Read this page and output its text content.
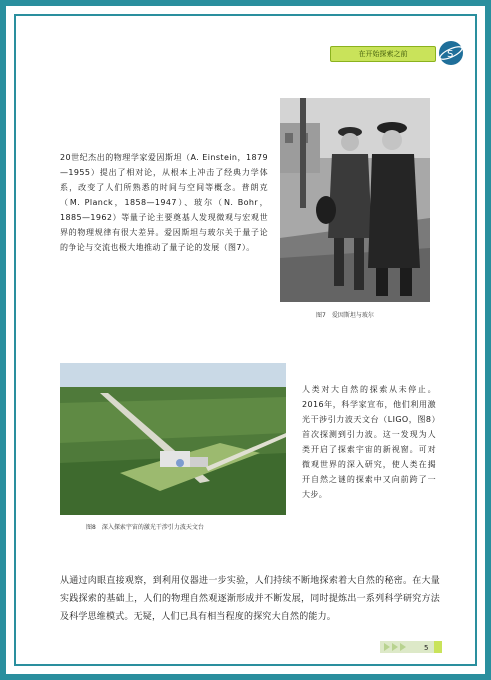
在开始探索之前	S
20世纪杰出的物理学家爱因斯坦（A. Einstein，1879—1955）提出了相对论，从根本上冲击了经典力学体系，改变了人们所熟悉的时间与空间等概念。普朗克（M. Planck，1858—1947）、玻尔（N. Bohr，1885—1962）等量子论主要奠基人发现微观与宏观世界的物理规律有很大差异。爱因斯坦与玻尔关于量子论的争论与交流也极大地推动了量子论的发展（图7）。
图7　爱因斯坦与玻尔
图8　深入探索宇宙的激光干涉引力波天文台
人类对大自然的探索从未停止。2016年，科学家宣布，他们利用激光干涉引力波天文台（LIGO，图8）首次探测到引力波。这一发现为人类开启了探索宇宙的新视窗。可对微观世界的深入研究，使人类在揭开自然之谜的探索中又向前跨了一大步。
从通过肉眼直接观察，到利用仪器进一步实验，人们持续不断地探索着大自然的秘密。在大量实践探索的基础上，人们的物理自然观逐渐形成并不断发展，同时提炼出一系列科学研究方法及科学思维模式。无疑，人们已具有相当程度的探究大自然的能力。
5
